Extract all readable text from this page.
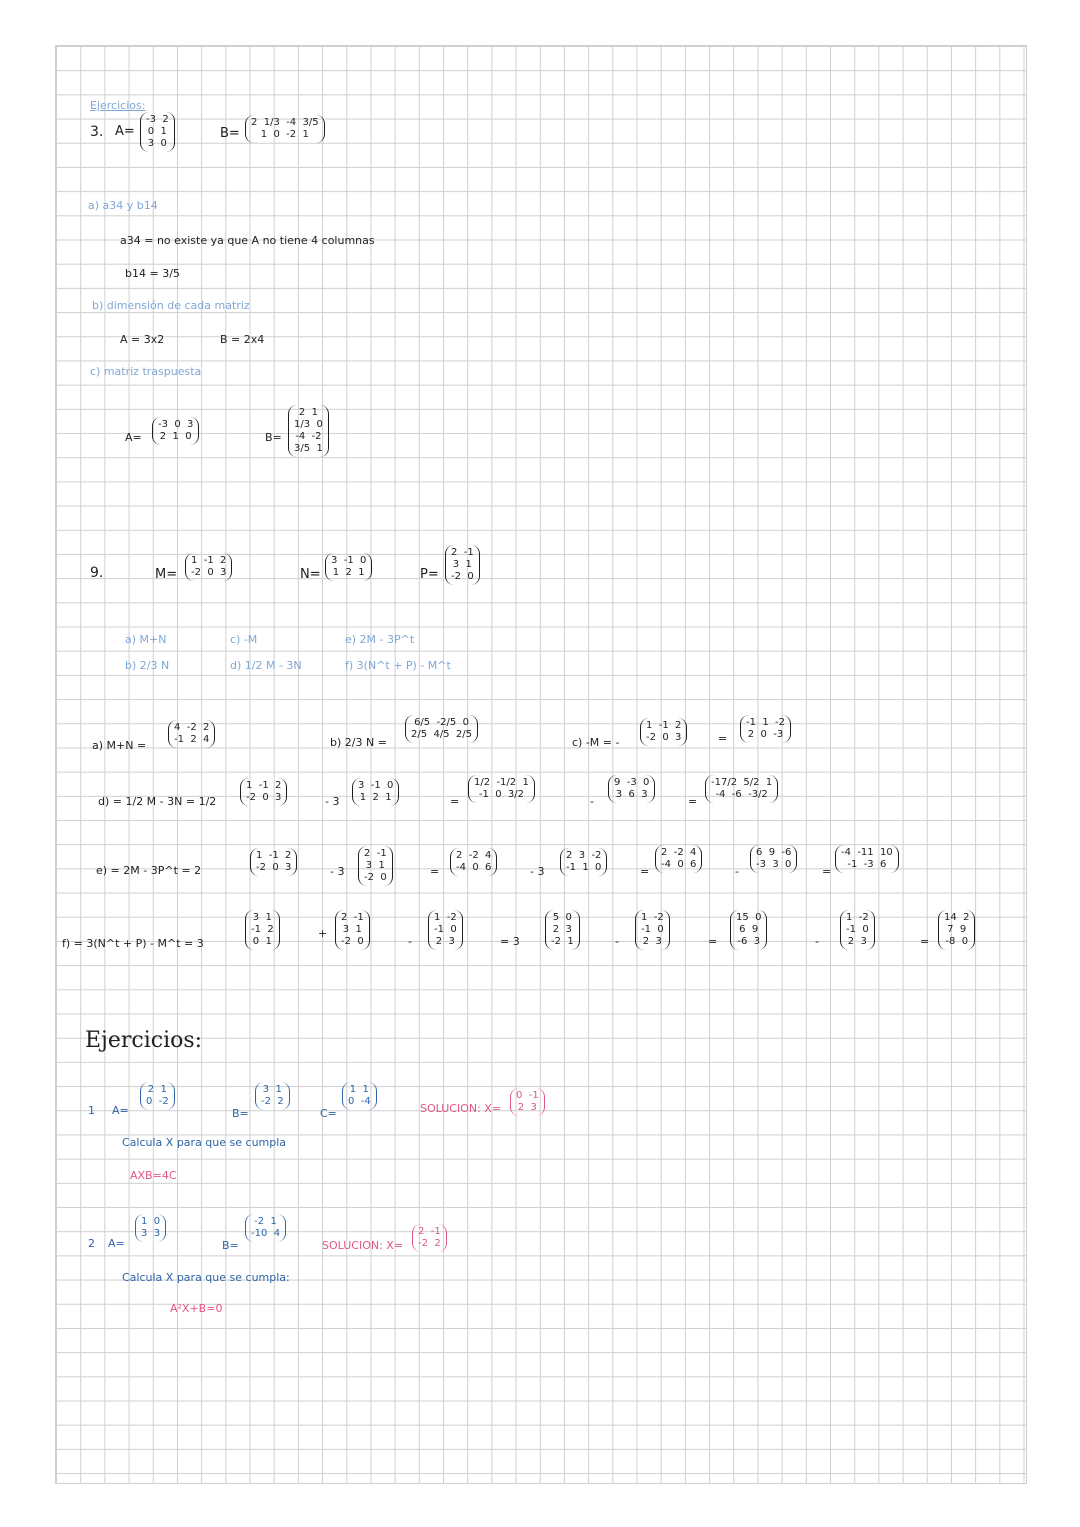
Ejercicios:
3. A=
-3  2
0  1
3  0
B=
2  1/3  -4  3/5
1  0  -2  1
a) a34 y b14
a34 = no existe ya que A no tiene 4 columnas
b14 = 3/5
b) dimensión de cada matriz
A = 3x2	B = 2x4
c) matriz traspuesta
A=
-3  0  3
2  1  0	B=
2  1
1/3  0
-4  -2
3/5  1
9.	M=
1  -1  2
-2  0  3	N=
3  -1  0
1  2  1	P=
2  -1
3  1
-2  0
a) M+N
b) 2/3 N
c) -M
d) 1/2 M - 3N
e) 2M - 3P^t
f) 3(N^t + P) - M^t
a) M+N =
4  -2  2
-1  2  4	b) 2/3 N =
6/5  -2/5  0
2/5  4/5  2/5
c) -M = -
1  -1  2
-2  0  3	=
-1  1  -2
2  0  -3
d) = 1/2 M - 3N = 1/2
1  -1  2
-2  0  3	- 3
3  -1  0
1  2  1	=
1/2  -1/2  1
-1  0  3/2
-
9  -3  0
3  6  3
=
-17/2  5/2  1
-4  -6  -3/2
e) = 2M - 3P^t = 2
1  -1  2
-2  0  3	- 3
2  -1
3  1
-2  0	=
2  -2  4
-4  0  6	- 3
2  3  -2
-1  1  0	=
2  -2  4
-4  0  6
-
6  9  -6
-3  3  0
=
-4  -11  10
-1  -3  6
f) = 3(N^t + P) - M^t = 3
3  1
-1  2
0  1
+
2  -1
3  1
-2  0	-
1  -2
-1  0
2  3	= 3
5  0
2  3
-2  1	-
1  -2
-1  0
2  3	=
15  0
6  9
-6  3	-
1  -2
-1  0
2  3	=
14  2
7  9
-8  0
Ejercicios:
1 A=
2  1
0  -2
B=
3  1
-2  2
C=
1  1
0  -4
SOLUCION: X=
0  -1
2  3
Calcula X para que se cumpla
AXB=4C
2 A=
1  0
3  3
B=
-2  1
-10  4
SOLUCION: X=
2  -1
-2  2
Calcula X para que se cumpla:
A²X+B=0
